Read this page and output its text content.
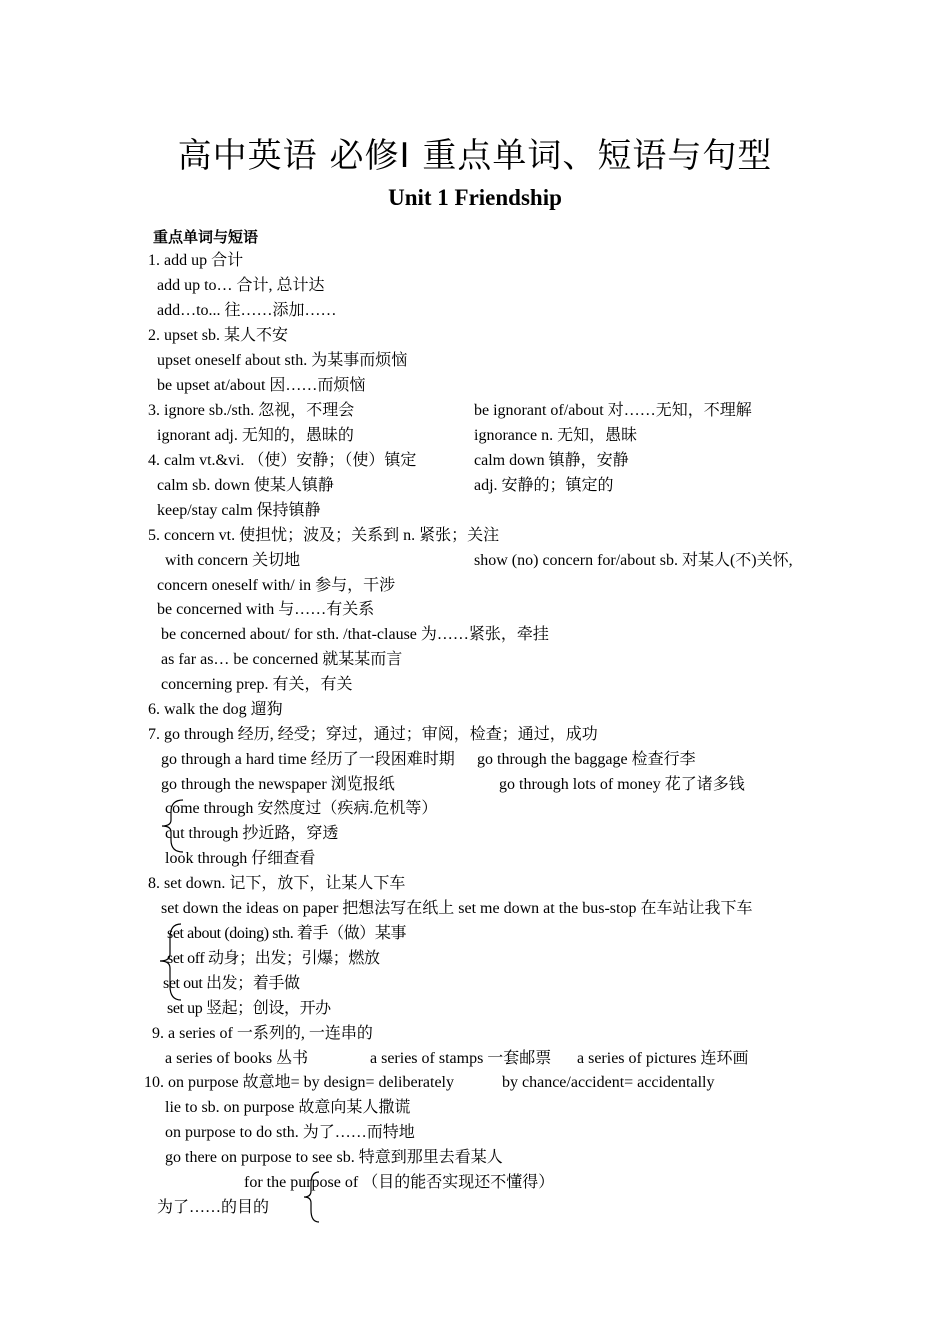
高中英语 必修Ⅰ 重点单词、短语与句型
Unit 1 Friendship
重点单词与短语
1. add up 合计
add up to… 合计, 总计达
add…to... 往……添加……
2. upset sb. 某人不安
upset oneself about sth. 为某事而烦恼
be upset at/about 因……而烦恼
3. ignore sb./sth. 忽视，不理会	be ignorant of/about 对……无知，不理解
ignorant adj. 无知的，愚昧的	ignorance n. 无知，愚昧
4. calm vt.&vi. （使）安静；（使）镇定	calm down 镇静，安静
calm sb. down 使某人镇静	adj. 安静的；镇定的
keep/stay calm 保持镇静
5. concern vt. 使担忧；波及；关系到 n. 紧张；关注
with concern 关切地	show (no) concern for/about sb. 对某人(不)关怀,
concern oneself with/ in 参与，干涉
be concerned with 与……有关系
be concerned about/ for sth. /that-clause 为……紧张，牵挂
as far as… be concerned 就某某而言
concerning prep. 有关，有关
6. walk the dog 遛狗
7. go through 经历, 经受；穿过，通过；审阅，检查；通过，成功
go through a hard time 经历了一段困难时期 go through the baggage 检查行李
go through the newspaper 浏览报纸	go through lots of money 花了诸多钱
come through 安然度过（疾病.危机等）
cut through 抄近路，穿透
look through 仔细查看
8. set down. 记下，放下，让某人下车
set down the ideas on paper 把想法写在纸上 set me down at the bus-stop 在车站让我下车
set about (doing) sth. 着手（做）某事
set off 动身；出发；引爆；燃放
set out 出发；着手做
set up 竖起；创设，开办
9. a series of 一系列的, 一连串的
a series of books 丛书	a series of stamps 一套邮票 a series of pictures 连环画
10. on purpose 故意地= by design= deliberately	by chance/accident= accidentally
lie to sb. on purpose 故意向某人撒谎
on purpose to do sth. 为了……而特地
go there on purpose to see sb. 特意到那里去看某人
for the purpose of （目的能否实现还不懂得）
为了……的目的
